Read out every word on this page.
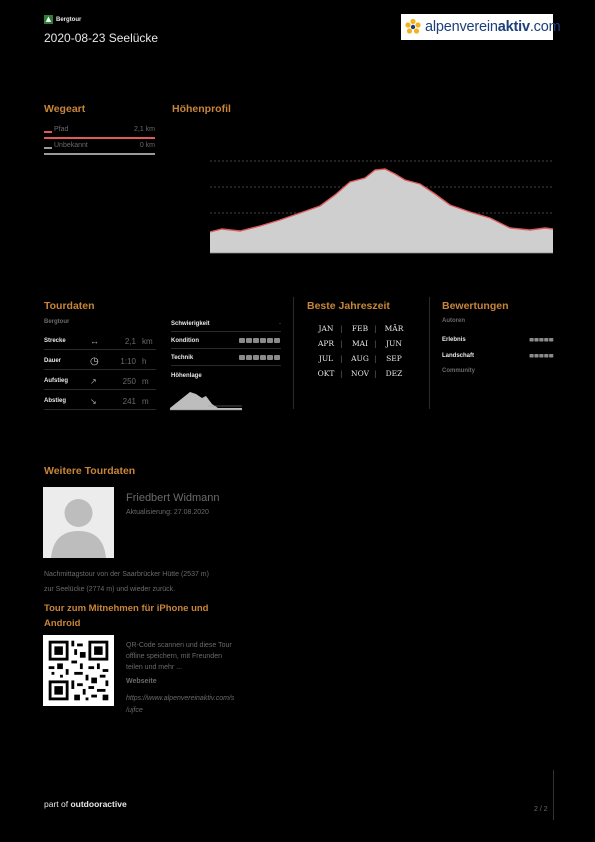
▲ Bergtour
2020-08-23 Seelücke
alpenvereinaktiv.com
Wegeart
Pfad	2,1 km
Unbekannt	0 km
Höhenprofil
Tourdaten
Bergtour
Strecke	↔	2,1 km
Dauer	◷	1:10 h
Aufstieg	↗	250 m
Abstieg	↘	241 m
Schwierigkeit	-
Kondition
Technik
Höhenlage
Beste Jahreszeit
JAN |	FEB |	MÄR
APR |	MAI |	JUN
JUL |	AUG |	SEP
OKT |	NOV |	DEZ
Bewertungen
Autoren
Erlebnis
Landschaft
Community
Weitere Tourdaten
Friedbert Widmann
Aktualisierung: 27.08.2020
Nachmittagstour von der Saarbrücker Hütte (2537 m)
zur Seelücke (2774 m) und wieder zurück.
Tour zum Mitnehmen für iPhone und
Android
QR-Code scannen und diese Tour
offline speichern, mit Freunden
teilen und mehr ...
Webseite
https://www.alpenvereinaktiv.com/s
/ujfce
part of outdooractive
2 / 2
